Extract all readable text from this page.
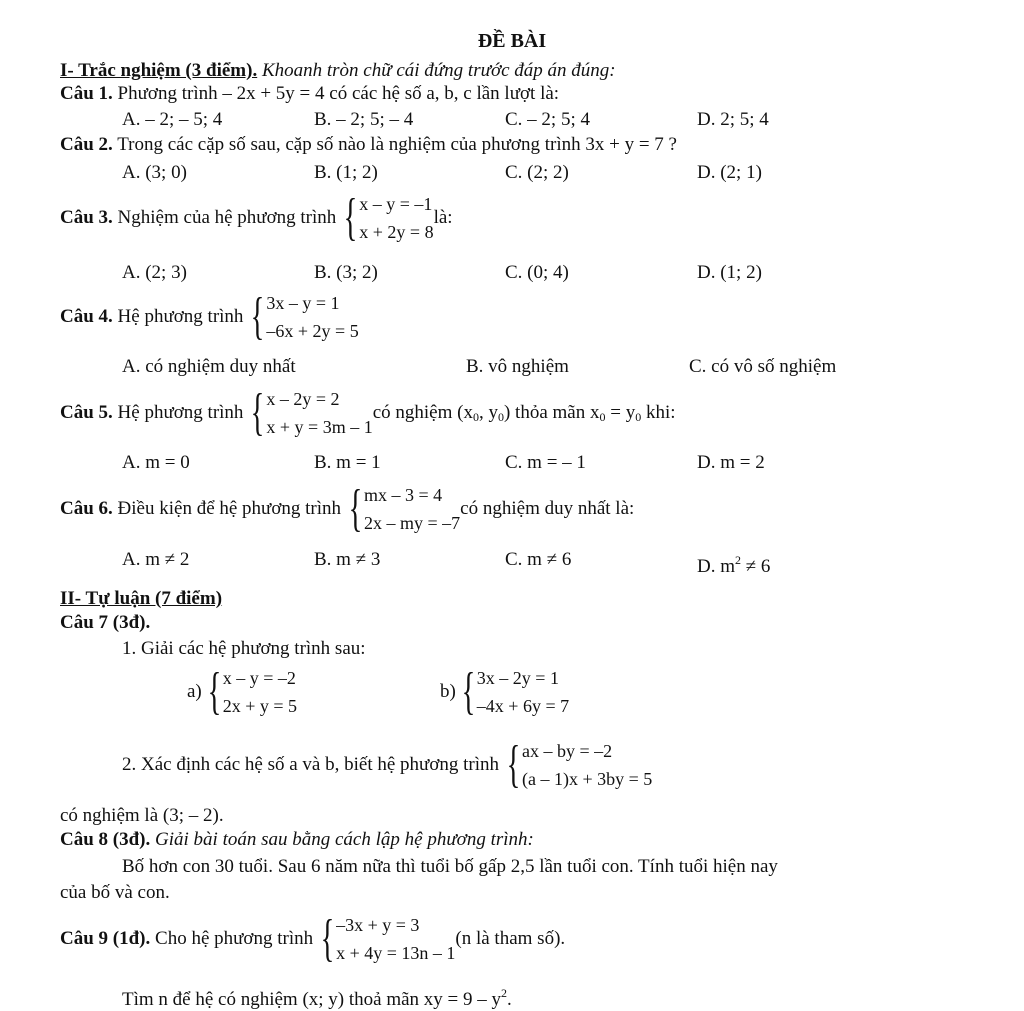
ĐỀ BÀI
I- Trắc nghiệm (3 điểm). Khoanh tròn chữ cái đứng trước đáp án đúng:
Câu 1. Phương trình – 2x + 5y = 4 có các hệ số a, b, c lần lượt là:
A. – 2; – 5; 4	B. – 2; 5; – 4	C. – 2; 5; 4	D. 2; 5; 4
Câu 2. Trong các cặp số sau, cặp số nào là nghiệm của phương trình 3x + y = 7 ?
A. (3; 0)	B. (1; 2)	C. (2; 2)	D. (2; 1)
Câu 3.
Nghiệm của hệ phương trình { x – y = –1
x + 2y = 8
là:
A. (2; 3)	B. (3; 2)	C. (0; 4)	D. (1; 2)
Câu 4.
Hệ phương trình { 3x – y = 1
–6x + 2y = 5
A. có nghiệm duy nhất	B. vô nghiệm	C. có vô số nghiệm
Câu 5.
Hệ phương trình { x – 2y = 2
x + y = 3m – 1
có nghiệm ($x_0$, $y_0$) thỏa mãn $x_0 = y_0$ khi:
A. m = 0	B. m = 1	C. m = – 1	D. m = 2
Câu 6.
Điều kiện để hệ phương trình { mx – 3 = 4
2x – my = –7
có nghiệm duy nhất là:
A. m ≠ 2	B. m ≠ 3	C. m ≠ 6	D. $m^2 \ne 6$
II- Tự luận (7 điểm)
Câu 7 (3đ).
1. Giải các hệ phương trình sau:
a) { x – y = –2
2x + y = 5
b) { 3x – 2y = 1
–4x + 6y = 7
2. Xác định các hệ số a và b, biết hệ phương trình { ax – by = –2
(a – 1)x + 3by = 5
có nghiệm là (3; – 2).
Câu 8 (3đ). Giải bài toán sau bằng cách lập hệ phương trình:
Bố hơn con 30 tuổi. Sau 6 năm nữa thì tuổi bố gấp 2,5 lần tuổi con. Tính tuổi hiện nay
của bố và con.
Câu 9 (1đ).
Cho hệ phương trình { –3x + y = 3
x + 4y = 13n – 1
(n là tham số).
Tìm n để hệ có nghiệm (x; y) thoả mãn xy = $9 - y^2$.
